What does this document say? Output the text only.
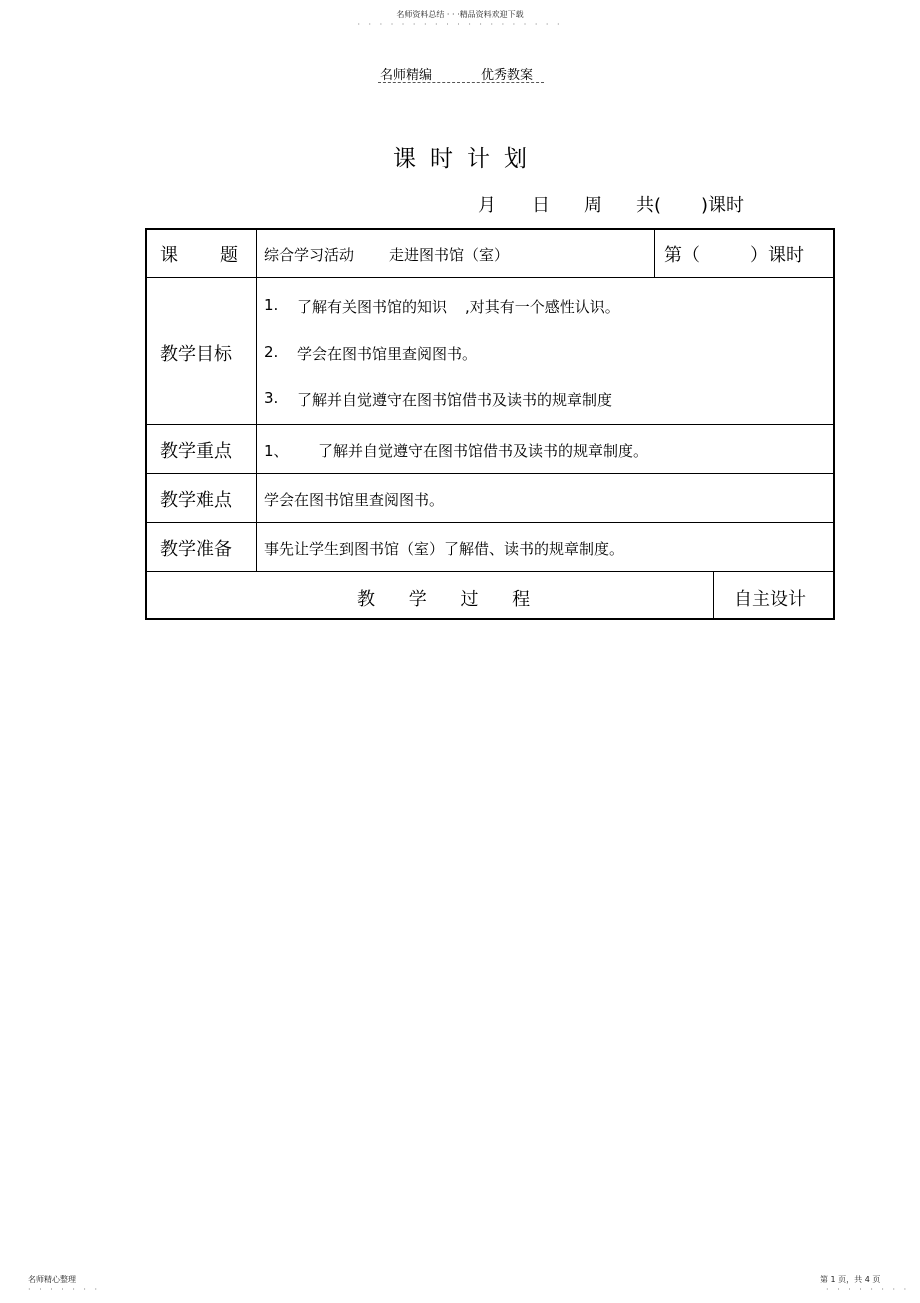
名师资料总结 · · ·精品资料欢迎下载
· · · · · · · · · · · · · · · · · · ·
名师精编	优秀教案
课时计划
月 日 周 共( )课时
课 题 综合学习活动 走进图书馆（室）	第（	）课时
教学目标
1. 了解有关图书馆的知识 ,对其有一个感性认识。
2. 学会在图书馆里查阅图书。
3. 了解并自觉遵守在图书馆借书及读书的规章制度
教学重点 1、 了解并自觉遵守在图书馆借书及读书的规章制度。
教学难点 学会在图书馆里查阅图书。
教学准备 事先让学生到图书馆（室）了解借、读书的规章制度。
教 学 过 程	自主设计
名师精心整理
· · · · · · ·
第 1 页，共 4 页
· · · · · · · ·
